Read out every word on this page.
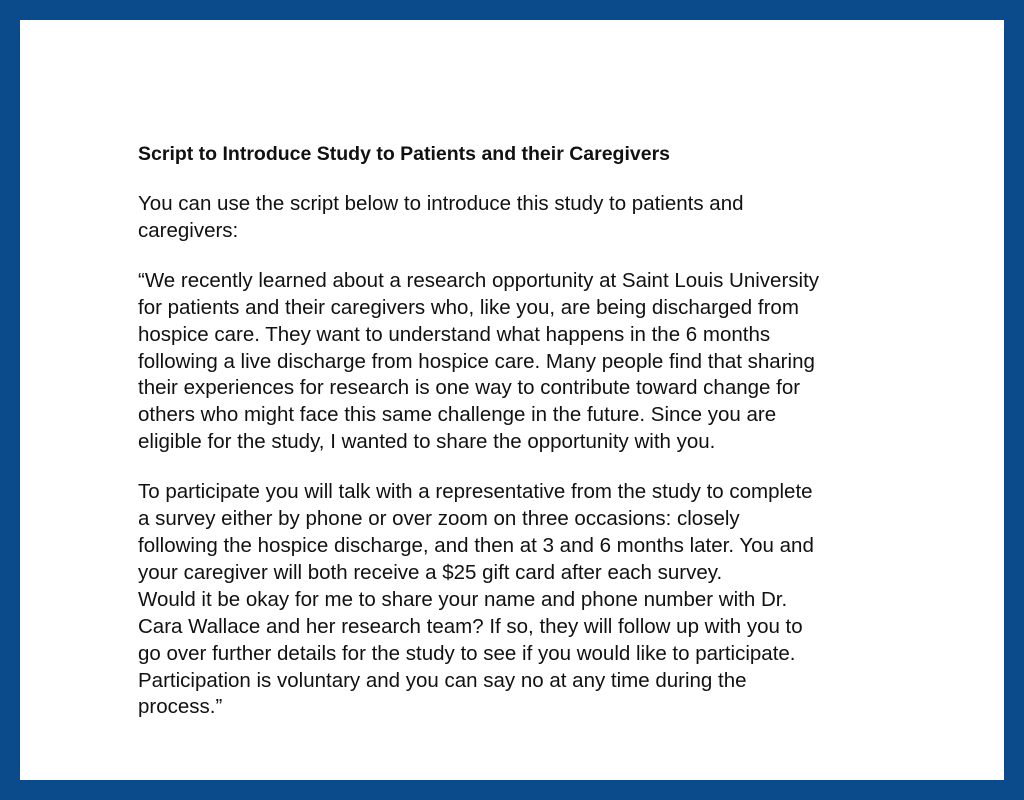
Script to Introduce Study to Patients and their Caregivers

You can use the script below to introduce this study to patients and
caregivers:

“We recently learned about a research opportunity at Saint Louis University
for patients and their caregivers who, like you, are being discharged from
hospice care. They want to understand what happens in the 6 months
following a live discharge from hospice care. Many people find that sharing
their experiences for research is one way to contribute toward change for
others who might face this same challenge in the future. Since you are
eligible for the study, I wanted to share the opportunity with you.

To participate you will talk with a representative from the study to complete
a survey either by phone or over zoom on three occasions: closely
following the hospice discharge, and then at 3 and 6 months later. You and
your caregiver will both receive a $25 gift card after each survey.
Would it be okay for me to share your name and phone number with Dr.
Cara Wallace and her research team? If so, they will follow up with you to
go over further details for the study to see if you would like to participate.
Participation is voluntary and you can say no at any time during the
process.”
